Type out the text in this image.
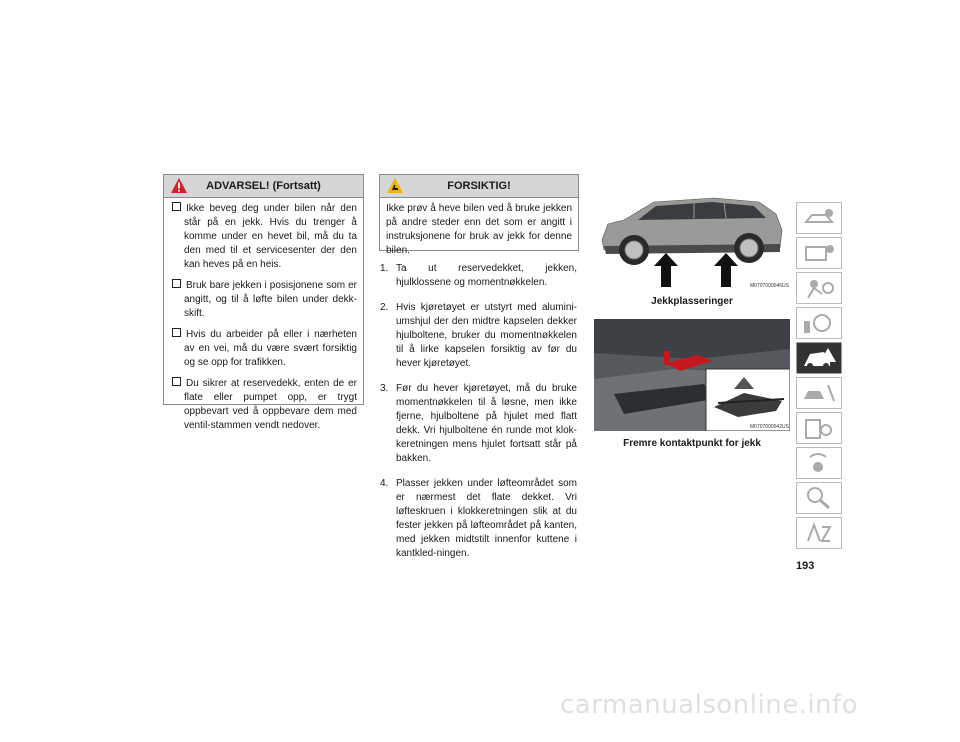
ADVARSEL! (Fortsatt)
Ikke beveg deg under bilen når den står på en jekk. Hvis du trenger å komme under en hevet bil, må du ta den med til et servicesenter der den kan heves på en heis.
Bruk bare jekken i posisjonene som er angitt, og til å løfte bilen under dekk-skift.
Hvis du arbeider på eller i nærheten av en vei, må du være svært forsiktig og se opp for trafikken.
Du sikrer at reservedekk, enten de er flate eller pumpet opp, er trygt oppbevart ved å oppbevare dem med ventil-stammen vendt nedover.
FORSIKTIG!
Ikke prøv å heve bilen ved å bruke jekken på andre steder enn det som er angitt i instruksjonene for bruk av jekk for denne bilen.
1. Ta ut reservedekket, jekken, hjulklossene og momentnøkkelen.
2. Hvis kjøretøyet er utstyrt med alumini-umshjul der den midtre kapselen dekker hjulboltene, bruker du momentnøkkelen til å lirke kapselen forsiktig av før du hever kjøretøyet.
3. Før du hever kjøretøyet, må du bruke momentnøkkelen til å løsne, men ikke fjerne, hjulboltene på hjulet med flatt dekk. Vri hjulboltene én runde mot klok-keretningen mens hjulet fortsatt står på bakken.
4. Plasser jekken under løfteområdet som er nærmest det flate dekket. Vri løfteskruen i klokkeretningen slik at du fester jekken på løfteområdet på kanten, med jekken midtstilt innenfor kuttene i kantkled-ningen.
M0707000046US
Jekkplasseringer
M0707000042US
Fremre kontaktpunkt for jekk
193
carmanualsonline.info
